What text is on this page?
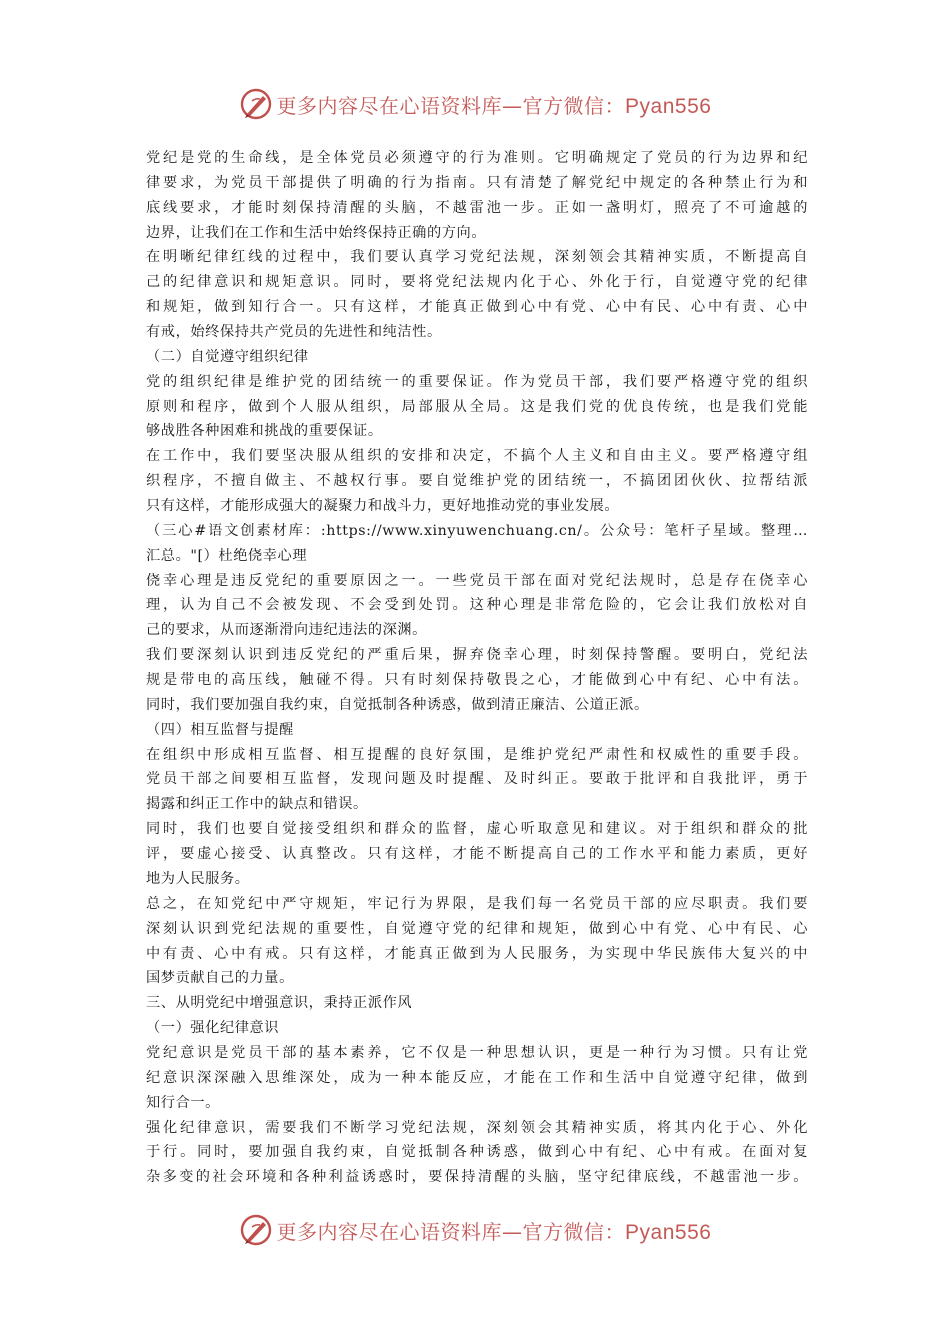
更多内容尽在心语资料库—官方微信：Pyan556
党纪是党的生命线，是全体党员必须遵守的行为准则。它明确规定了党员的行为边界和纪
律要求，为党员干部提供了明确的行为指南。只有清楚了解党纪中规定的各种禁止行为和
底线要求，才能时刻保持清醒的头脑，不越雷池一步。正如一盏明灯，照亮了不可逾越的
边界，让我们在工作和生活中始终保持正确的方向。
在明晰纪律红线的过程中，我们要认真学习党纪法规，深刻领会其精神实质，不断提高自
己的纪律意识和规矩意识。同时，要将党纪法规内化于心、外化于行，自觉遵守党的纪律
和规矩，做到知行合一。只有这样，才能真正做到心中有党、心中有民、心中有责、心中
有戒，始终保持共产党员的先进性和纯洁性。
（二）自觉遵守组织纪律
党的组织纪律是维护党的团结统一的重要保证。作为党员干部，我们要严格遵守党的组织
原则和程序，做到个人服从组织，局部服从全局。这是我们党的优良传统，也是我们党能
够战胜各种困难和挑战的重要保证。
在工作中，我们要坚决服从组织的安排和决定，不搞个人主义和自由主义。要严格遵守组
织程序，不擅自做主、不越权行事。要自觉维护党的团结统一，不搞团团伙伙、拉帮结派
只有这样，才能形成强大的凝聚力和战斗力，更好地推动党的事业发展。
（三心#语文创素材库：:https://www.xinyuwenchuang.cn/。公众号：笔杆子星域。整理…
汇总。"[）杜绝侥幸心理
侥幸心理是违反党纪的重要原因之一。一些党员干部在面对党纪法规时，总是存在侥幸心
理，认为自己不会被发现、不会受到处罚。这种心理是非常危险的，它会让我们放松对自
己的要求，从而逐渐滑向违纪违法的深渊。
我们要深刻认识到违反党纪的严重后果，摒弃侥幸心理，时刻保持警醒。要明白，党纪法
规是带电的高压线，触碰不得。只有时刻保持敬畏之心，才能做到心中有纪、心中有法。
同时，我们要加强自我约束，自觉抵制各种诱惑，做到清正廉洁、公道正派。
（四）相互监督与提醒
在组织中形成相互监督、相互提醒的良好氛围，是维护党纪严肃性和权威性的重要手段。
党员干部之间要相互监督，发现问题及时提醒、及时纠正。要敢于批评和自我批评，勇于
揭露和纠正工作中的缺点和错误。
同时，我们也要自觉接受组织和群众的监督，虚心听取意见和建议。对于组织和群众的批
评，要虚心接受、认真整改。只有这样，才能不断提高自己的工作水平和能力素质，更好
地为人民服务。
总之，在知党纪中严守规矩，牢记行为界限，是我们每一名党员干部的应尽职责。我们要
深刻认识到党纪法规的重要性，自觉遵守党的纪律和规矩，做到心中有党、心中有民、心
中有责、心中有戒。只有这样，才能真正做到为人民服务，为实现中华民族伟大复兴的中
国梦贡献自己的力量。
三、从明党纪中增强意识，秉持正派作风
（一）强化纪律意识
党纪意识是党员干部的基本素养，它不仅是一种思想认识，更是一种行为习惯。只有让党
纪意识深深融入思维深处，成为一种本能反应，才能在工作和生活中自觉遵守纪律，做到
知行合一。
强化纪律意识，需要我们不断学习党纪法规，深刻领会其精神实质，将其内化于心、外化
于行。同时，要加强自我约束，自觉抵制各种诱惑，做到心中有纪、心中有戒。在面对复
杂多变的社会环境和各种利益诱惑时，要保持清醒的头脑，坚守纪律底线，不越雷池一步。
更多内容尽在心语资料库—官方微信：Pyan556
